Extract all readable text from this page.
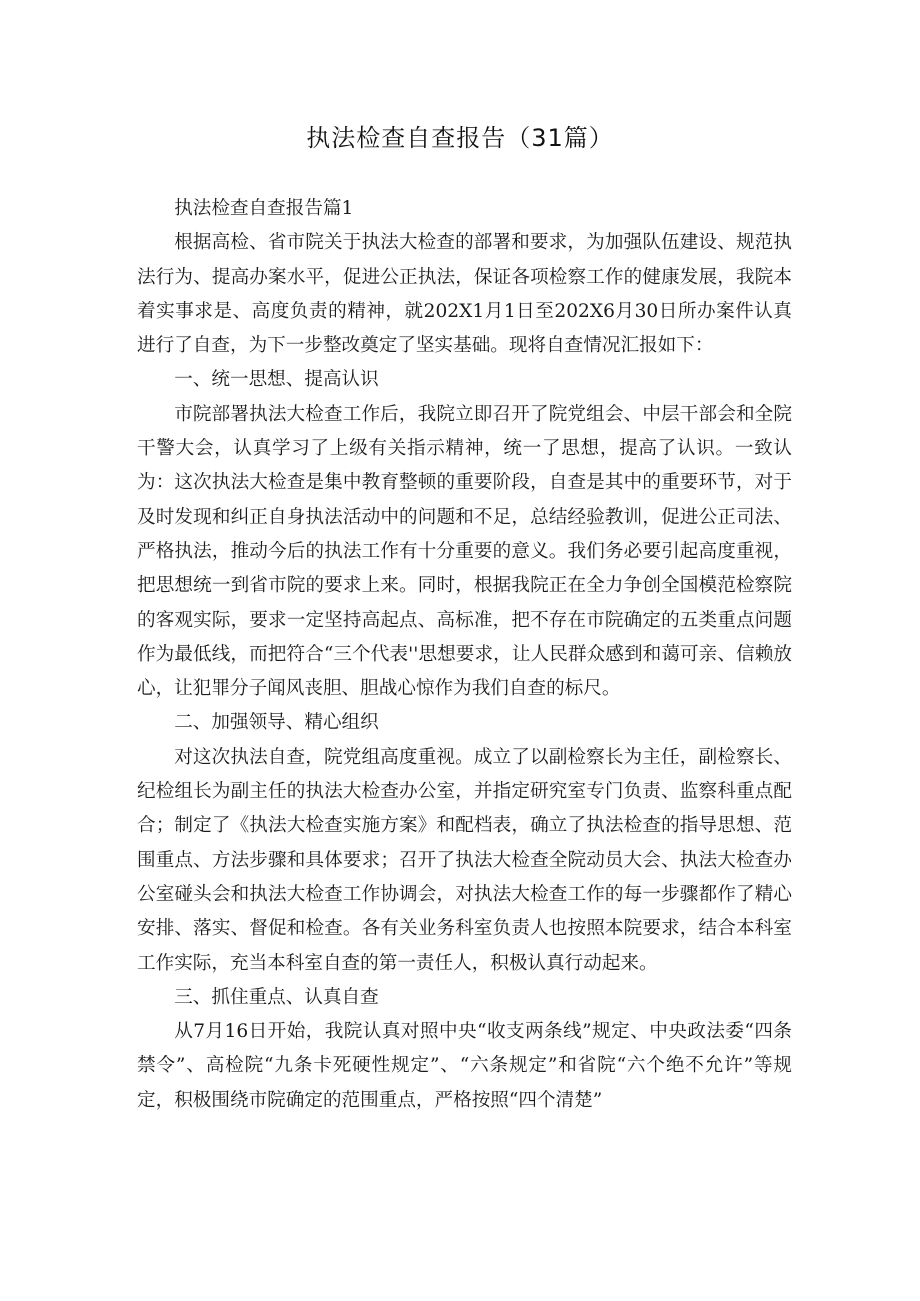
执法检查自查报告（31篇）

执法检查自查报告篇1

根据高检、省市院关于执法大检查的部署和要求，为加强队伍建设、规范执法行为、提高办案水平，促进公正执法，保证各项检察工作的健康发展，我院本着实事求是、高度负责的精神，就202X1月1日至202X6月30日所办案件认真进行了自查，为下一步整改奠定了坚实基础。现将自查情况汇报如下：

一、统一思想、提高认识

市院部署执法大检查工作后，我院立即召开了院党组会、中层干部会和全院干警大会，认真学习了上级有关指示精神，统一了思想，提高了认识。一致认为：这次执法大检查是集中教育整顿的重要阶段，自查是其中的重要环节，对于及时发现和纠正自身执法活动中的问题和不足，总结经验教训，促进公正司法、严格执法，推动今后的执法工作有十分重要的意义。我们务必要引起高度重视，把思想统一到省市院的要求上来。同时，根据我院正在全力争创全国模范检察院的客观实际，要求一定坚持高起点、高标准，把不存在市院确定的五类重点问题作为最低线，而把符合“三个代表''思想要求，让人民群众感到和蔼可亲、信赖放心，让犯罪分子闻风丧胆、胆战心惊作为我们自查的标尺。

二、加强领导、精心组织

对这次执法自查，院党组高度重视。成立了以副检察长为主任，副检察长、纪检组长为副主任的执法大检查办公室，并指定研究室专门负责、监察科重点配合；制定了《执法大检查实施方案》和配档表，确立了执法检查的指导思想、范围重点、方法步骤和具体要求；召开了执法大检查全院动员大会、执法大检查办公室碰头会和执法大检查工作协调会，对执法大检查工作的每一步骤都作了精心安排、落实、督促和检查。各有关业务科室负责人也按照本院要求，结合本科室工作实际，充当本科室自查的第一责任人，积极认真行动起来。

三、抓住重点、认真自查

从7月16日开始，我院认真对照中央“收支两条线”规定、中央政法委“四条禁令”、高检院“九条卡死硬性规定”、“六条规定”和省院“六个绝不允许”等规定，积极围绕市院确定的范围重点，严格按照“四个清楚”
